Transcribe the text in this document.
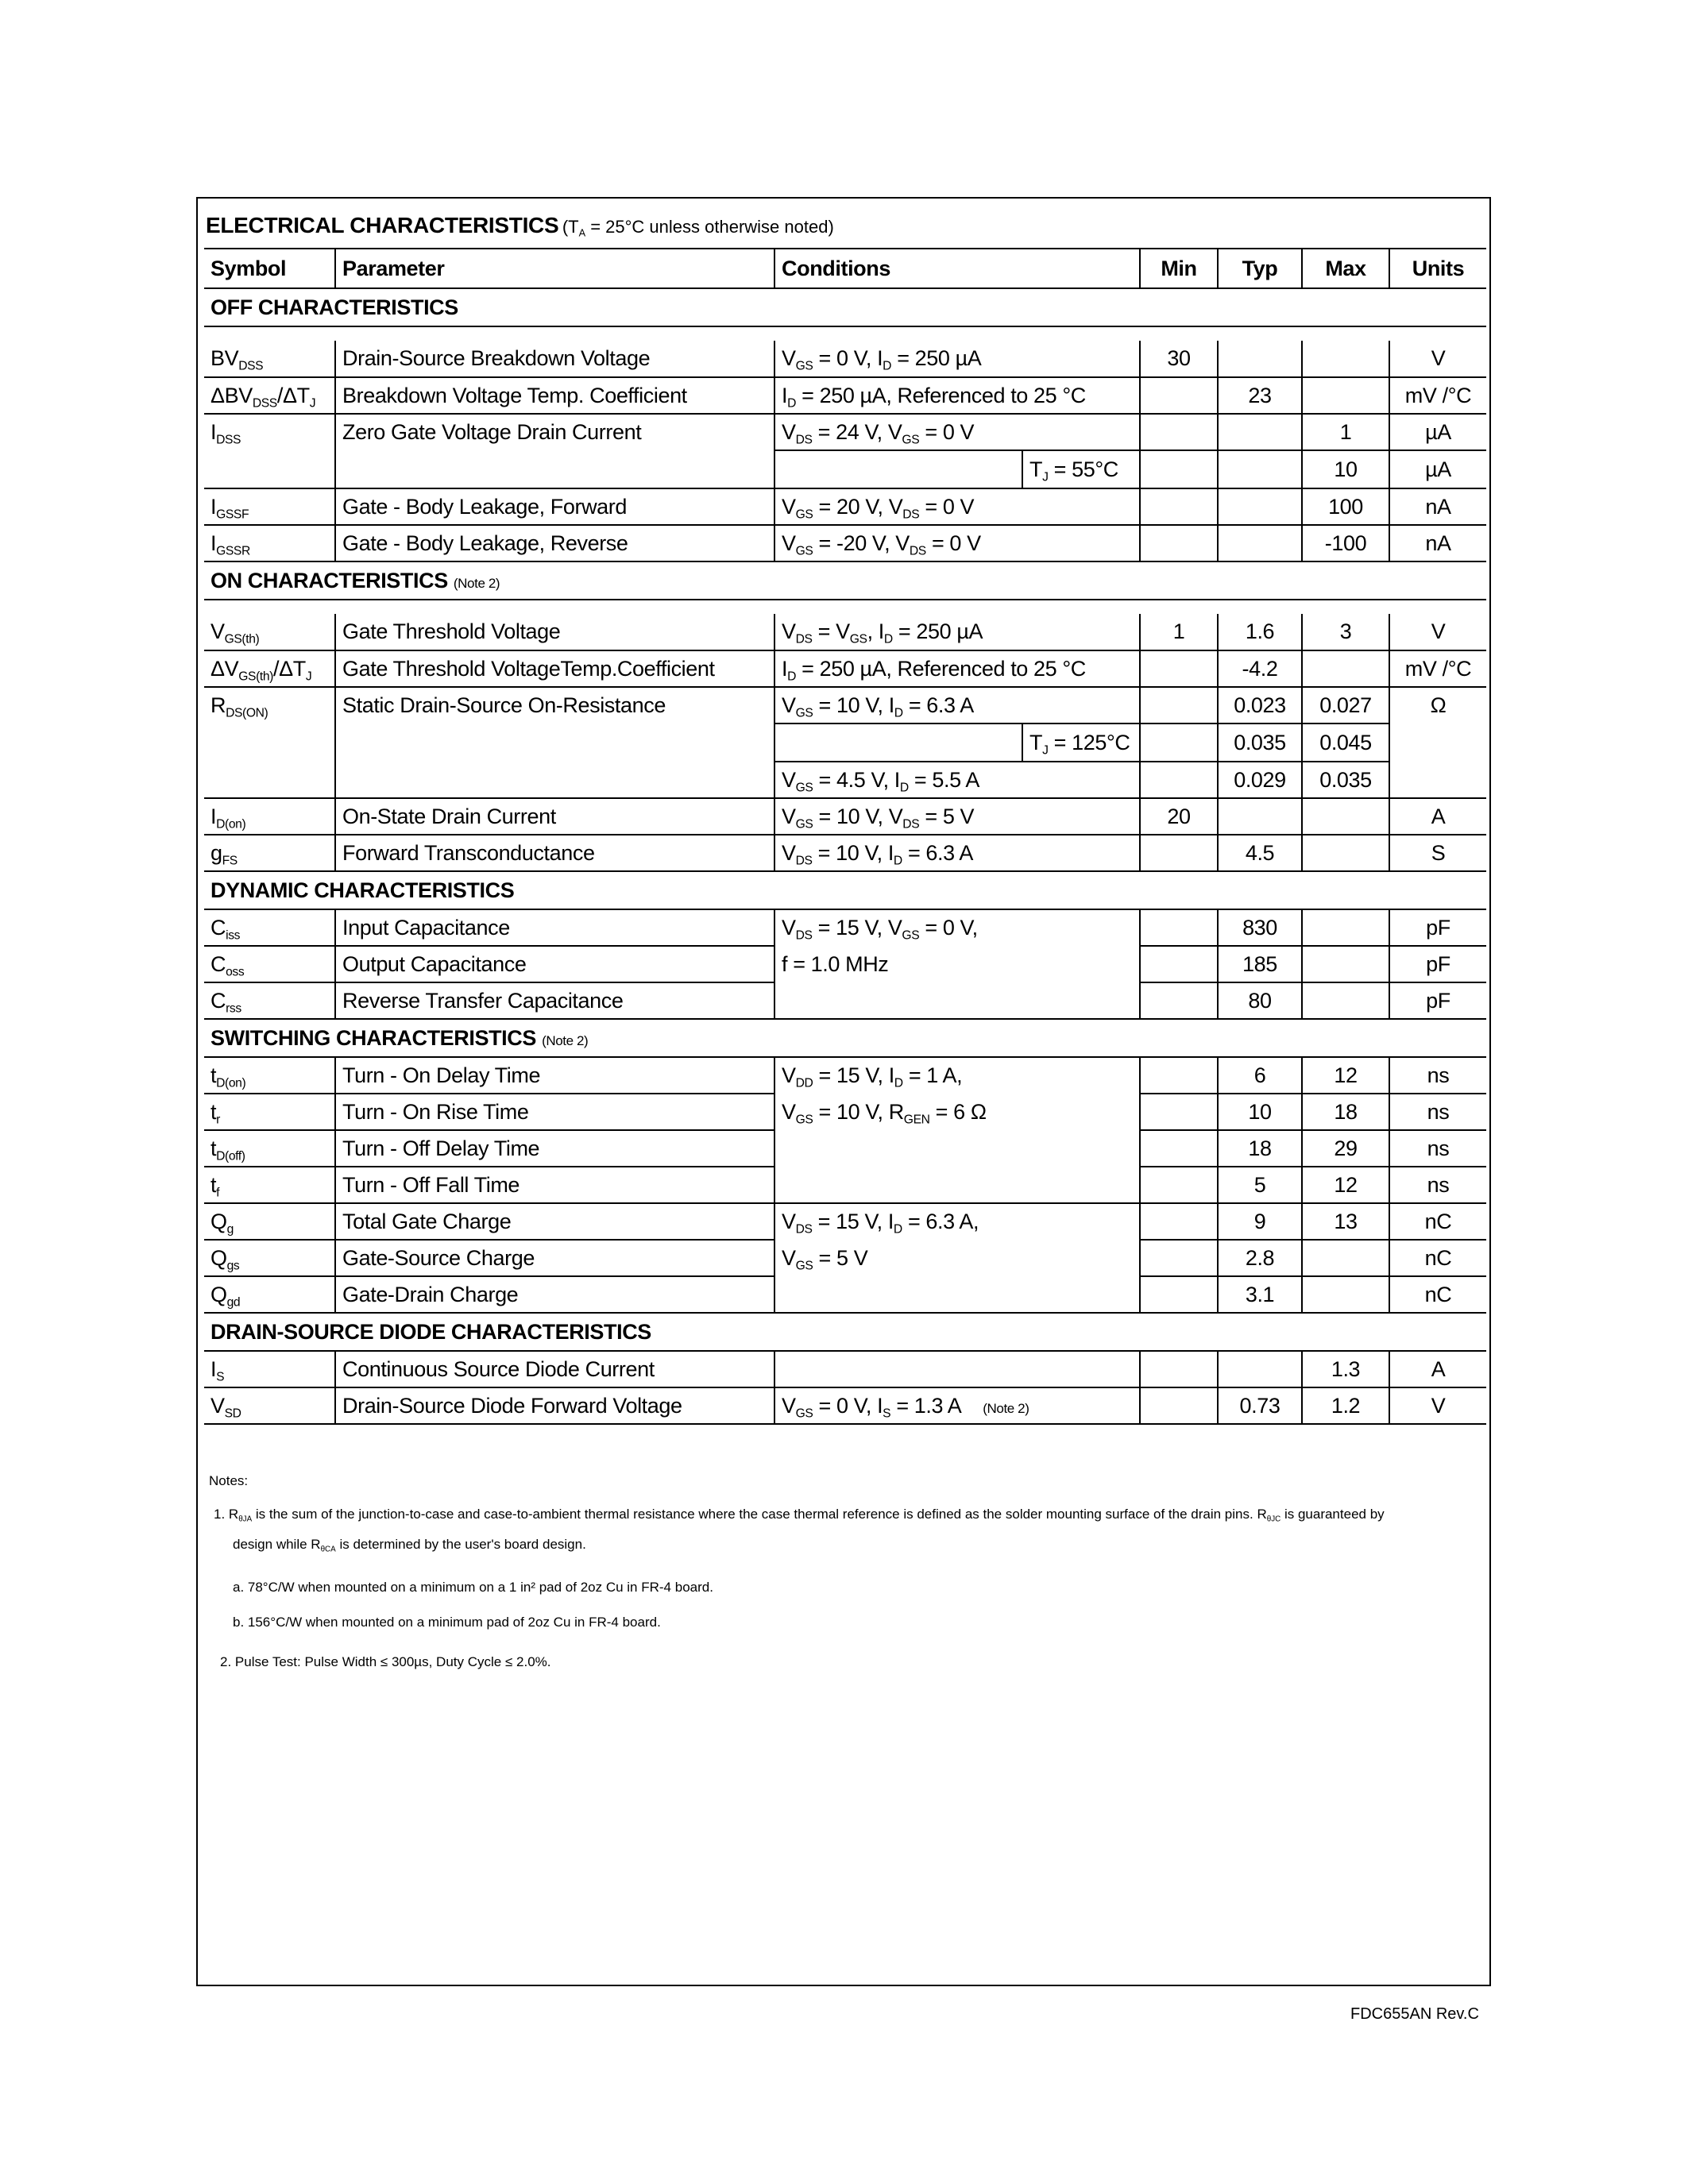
ELECTRICAL CHARACTERISTICS ($T_A = 25^\circ C$ unless otherwise noted)
Symbol	Parameter	Conditions	Min	Typ	Max	Units
OFF CHARACTERISTICS						

$BV_{DSS}$	Drain-Source Breakdown Voltage	$V_{GS} = 0$ V, $I_D = 250$ µA	30			V
$\Delta BV_{DSS}/\Delta T_J$	Breakdown Voltage Temp. Coefficient	$I_D = 250$ µA, Referenced to 25 °C		23		mV /°C
$I_{DSS}$	Zero Gate Voltage Drain Current	$V_{DS} = 24$ V, $V_{GS} = 0$ V			1	µA
		$T_J = 55^\circ C$			10	µA
$I_{GSSF}$	Gate - Body Leakage, Forward	$V_{GS} = 20$ V, $V_{DS} = 0$ V			100	nA
$I_{GSSR}$	Gate - Body Leakage, Reverse	$V_{GS} = -20$ V, $V_{DS} = 0$ V			-100	nA
ON CHARACTERISTICS (Note 2)						

$V_{GS(th)}$	Gate Threshold Voltage	$V_{DS} = V_{GS}$, $I_D = 250$ µA	1	1.6	3	V
$\Delta V_{GS(th)}/\Delta T_J$	Gate Threshold VoltageTemp.Coefficient	$I_D = 250$ µA, Referenced to 25 °C		-4.2		mV /°C
$R_{DS(ON)}$	Static Drain-Source On-Resistance	$V_{GS} = 10$ V, $I_D = 6.3$ A		0.023	0.027	Ω
		$T_J = 125^\circ C$		0.035	0.045	
		$V_{GS} = 4.5$ V, $I_D = 5.5$ A		0.029	0.035	
$I_{D(on)}$	On-State Drain Current	$V_{GS} = 10$ V, $V_{DS} = 5$ V	20			A
$g_{FS}$	Forward Transconductance	$V_{DS} = 10$ V, $I_D = 6.3$ A		4.5		S
DYNAMIC CHARACTERISTICS						
$C_{iss}$	Input Capacitance	$V_{DS} = 15$ V, $V_{GS} = 0$ V,		830		pF
$C_{oss}$	Output Capacitance	f = 1.0 MHz		185		pF
$C_{rss}$	Reverse Transfer Capacitance			80		pF
SWITCHING CHARACTERISTICS (Note 2)						
$t_{D(on)}$	Turn - On Delay Time	$V_{DD} = 15$ V, $I_D = 1$ A,		6	12	ns
$t_r$	Turn - On Rise Time	$V_{GS} = 10$ V, $R_{GEN} = 6$ Ω		10	18	ns
$t_{D(off)}$	Turn - Off Delay Time			18	29	ns
$t_f$	Turn - Off Fall Time			5	12	ns
$Q_g$	Total Gate Charge	$V_{DS} = 15$ V, $I_D = 6.3$ A,		9	13	nC
$Q_{gs}$	Gate-Source Charge	$V_{GS} = 5$ V		2.8		nC
$Q_{gd}$	Gate-Drain Charge			3.1		nC
DRAIN-SOURCE DIODE CHARACTERISTICS						
$I_S$	Continuous Source Diode Current				1.3	A
$V_{SD}$	Drain-Source Diode Forward Voltage	$V_{GS} = 0$ V, $I_S = 1.3$ A (Note 2)		0.73	1.2	V
Notes:
1. $R_{\theta JA}$ is the sum of the junction-to-case and case-to-ambient thermal resistance where the case thermal reference is defined as the solder mounting surface of the drain pins. $R_{\theta JC}$ is guaranteed by
design while $R_{\theta CA}$ is determined by the user's board design.
a. 78°C/W when mounted on a minimum on a 1 in² pad of 2oz Cu in FR-4 board.
b. 156°C/W when mounted on a minimum pad of 2oz Cu in FR-4 board.
2. Pulse Test: Pulse Width ≤ 300µs, Duty Cycle ≤ 2.0%.
FDC655AN Rev.C
